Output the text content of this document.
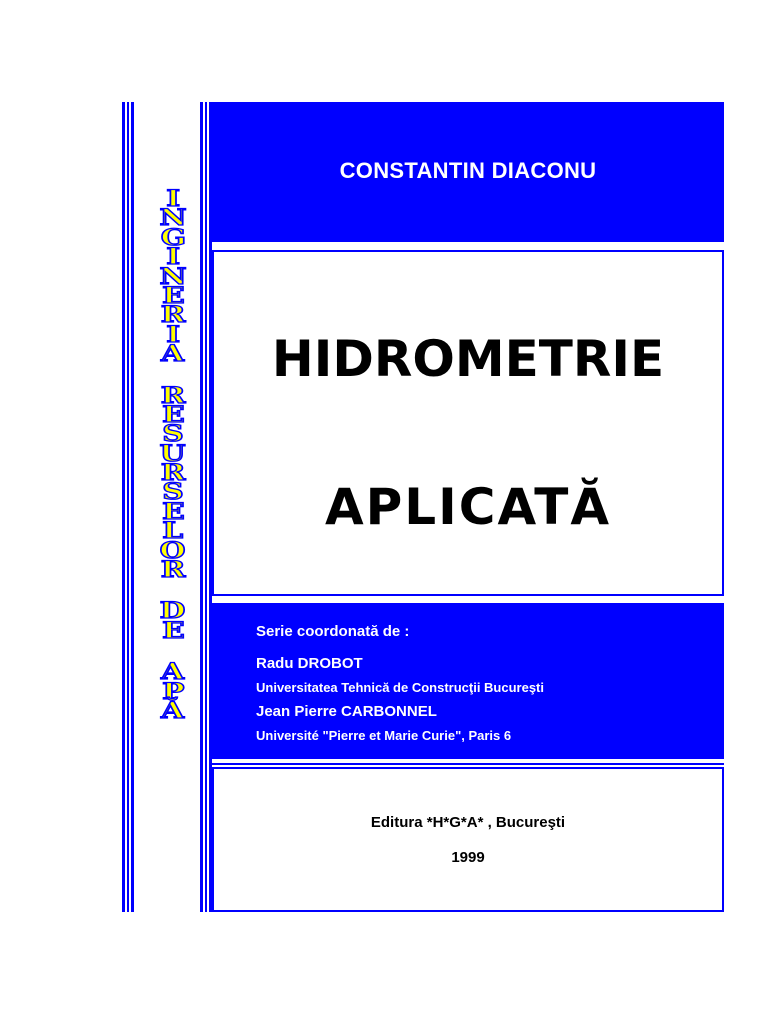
I
N
G
I
N
E
R
I
A
R
E
S
U
R
S
E
L
O
R
D
E
A
P
Ă
CONSTANTIN DIACONU
HIDROMETRIE
APLICATĂ
Serie coordonată de :
Radu DROBOT
Universitatea Tehnică de Construcţii Bucureşti
Jean Pierre CARBONNEL
Université "Pierre et Marie Curie", Paris 6
Editura *H*G*A* , Bucureşti
1999
